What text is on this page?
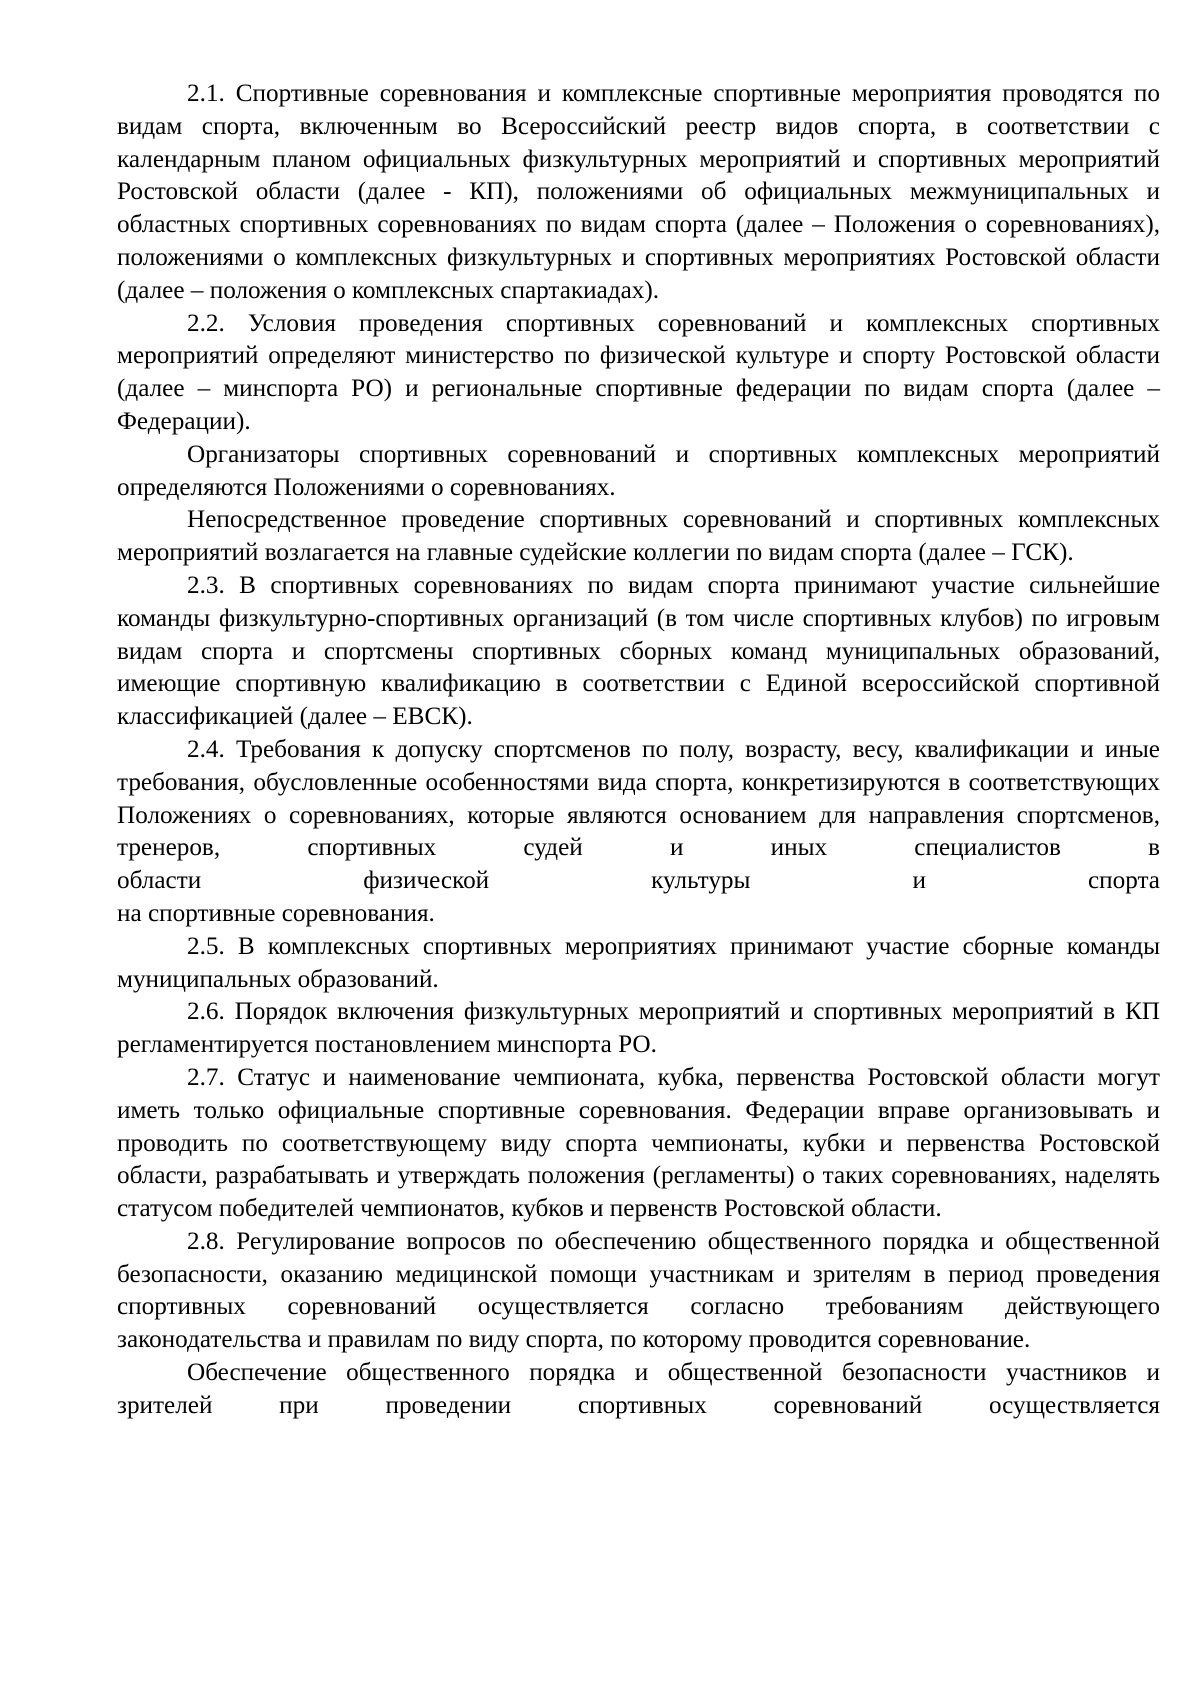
2.1. Спортивные соревнования и комплексные спортивные мероприятия проводятся по видам спорта, включенным во Всероссийский реестр видов спорта, в соответствии с календарным планом официальных физкультурных мероприятий и спортивных мероприятий Ростовской области (далее - КП), положениями об официальных межмуниципальных и областных спортивных соревнованиях по видам спорта (далее – Положения о соревнованиях), положениями о комплексных физкультурных и спортивных мероприятиях Ростовской области (далее – положения о комплексных спартакиадах).

2.2. Условия проведения спортивных соревнований и комплексных спортивных мероприятий определяют министерство по физической культуре и спорту Ростовской области (далее – минспорта РО) и региональные спортивные федерации по видам спорта (далее – Федерации).

Организаторы спортивных соревнований и спортивных комплексных мероприятий определяются Положениями о соревнованиях.

Непосредственное проведение спортивных соревнований и спортивных комплексных мероприятий возлагается на главные судейские коллегии по видам спорта (далее – ГСК).

2.3. В спортивных соревнованиях по видам спорта принимают участие сильнейшие команды физкультурно-спортивных организаций (в том числе спортивных клубов) по игровым видам спорта и спортсмены спортивных сборных команд муниципальных образований, имеющие спортивную квалификацию в соответствии с Единой всероссийской спортивной классификацией (далее – ЕВСК).

2.4. Требования к допуску спортсменов по полу, возрасту, весу, квалификации и иные требования, обусловленные особенностями вида спорта, конкретизируются в соответствующих Положениях о соревнованиях, которые являются основанием для направления спортсменов, тренеров, спортивных судей и иных специалистов в

области физической культуры и спорта
на спортивные соревнования.

2.5. В комплексных спортивных мероприятиях принимают участие сборные команды муниципальных образований.

2.6. Порядок включения физкультурных мероприятий и спортивных мероприятий в КП регламентируется постановлением минспорта РО.

2.7. Статус и наименование чемпионата, кубка, первенства Ростовской области могут иметь только официальные спортивные соревнования. Федерации вправе организовывать и проводить по соответствующему виду спорта чемпионаты, кубки и первенства Ростовской области, разрабатывать и утверждать положения (регламенты) о таких соревнованиях, наделять статусом победителей чемпионатов, кубков и первенств Ростовской области.

2.8. Регулирование вопросов по обеспечению общественного порядка и общественной безопасности, оказанию медицинской помощи участникам и зрителям в период проведения спортивных соревнований осуществляется согласно требованиям действующего законодательства и правилам по виду спорта, по которому проводится соревнование.

Обеспечение общественного порядка и общественной безопасности участников и зрителей при проведении спортивных соревнований осуществляется
